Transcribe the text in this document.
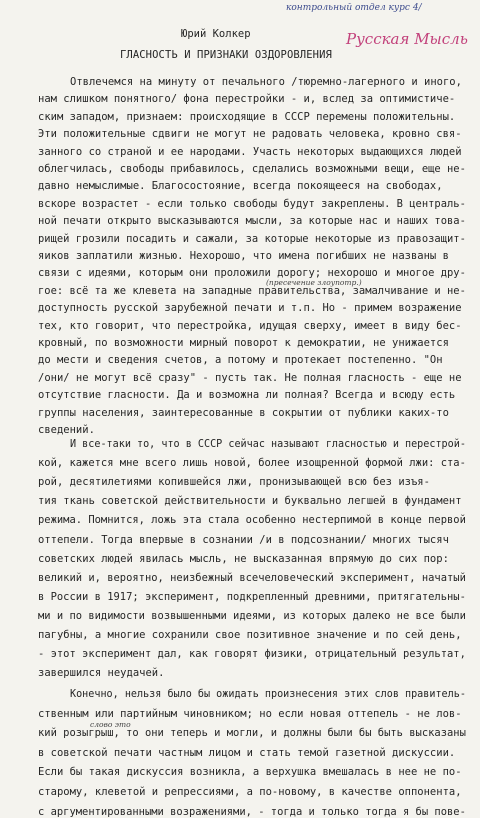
контрольный отдел курс 4/
Русская Мысль
Юрий Колкер
ГЛАСНОСТЬ И ПРИЗНАКИ ОЗДОРОВЛЕНИЯ
(пресечение злоупотр.)
слово это
Отвлечемся на минуту от печального /тюремно-лагерного и иного,
нам слишком понятного/ фона перестройки - и, вслед за оптимистиче-
ским западом, признаем: происходящие в СССР перемены положительны.
Эти положительные сдвиги не могут не радовать человека, кровно свя-
занного со страной и ее народами. Участь некоторых выдающихся людей
облегчилась, свободы прибавилось, сделались возможными вещи, еще не-
давно немыслимые. Благосостояние, всегда покоящееся на свободах,
вскоре возрастет - если только свободы будут закреплены. В централь-
ной печати открыто высказываются мысли, за которые нас и наших това-
рищей грозили посадить и сажали, за которые некоторые из правозащит-
яиков заплатили жизнью. Нехорошо, что имена погибших не названы в
связи с идеями, которым они проложили дорогу; нехорошо и многое дру-
гое: всё та же клевета на западные правительства, замалчивание и не-
доступность русской зарубежной печати и т.п. Но - примем возражение
тех, кто говорит, что перестройка, идущая сверху, имеет в виду бес-
кровный, по возможности мирный поворот к демократии, не унижается
до мести и сведения счетов, а потому и протекает постепенно. "Он
/они/ не могут всё сразу" - пусть так. Не полная гласность - еще не
отсутствие гласности. Да и возможна ли полная? Всегда и всюду есть
группы населения, заинтересованные в сокрытии от публики каких-то
сведений.
И все-таки то, что в СССР сейчас называют гласностью и перестрой-
кой, кажется мне всего лишь новой, более изощренной формой лжи: ста-
рой, десятилетиями копившейся лжи, пронизывающей всю без изъя-
тия ткань советской действительности и буквально легшей в фундамент
режима. Помнится, ложь эта стала особенно нестерпимой в конце первой
оттепели. Тогда впервые в сознании /и в подсознании/ многих тысяч
советских людей явилась мысль, не высказанная впрямую до сих пор:
великий и, вероятно, неизбежный всечеловеческий эксперимент, начатый
в России в 1917; эксперимент, подкрепленный древними, притягательны-
ми и по видимости возвышенными идеями, из которых далеко не все были
пагубны, а многие сохранили свое позитивное значение и по сей день,
- этот эксперимент дал, как говорят физики, отрицательный результат,
завершился неудачей.
Конечно, нельзя было бы ожидать произнесения этих слов правитель-
ственным или партийным чиновником; но если новая оттепель - не лов-
кий розыгрыш, то они теперь и могли, и должны были бы быть высказаны
в советской печати частным лицом и стать темой газетной дискуссии.
Если бы такая дискуссия возникла, а верхушка вмешалась в нее не по-
старому, клеветой и репрессиями, а по-новому, в качестве оппонента,
с аргументированными возражениями, - тогда и только тогда я бы пове-
